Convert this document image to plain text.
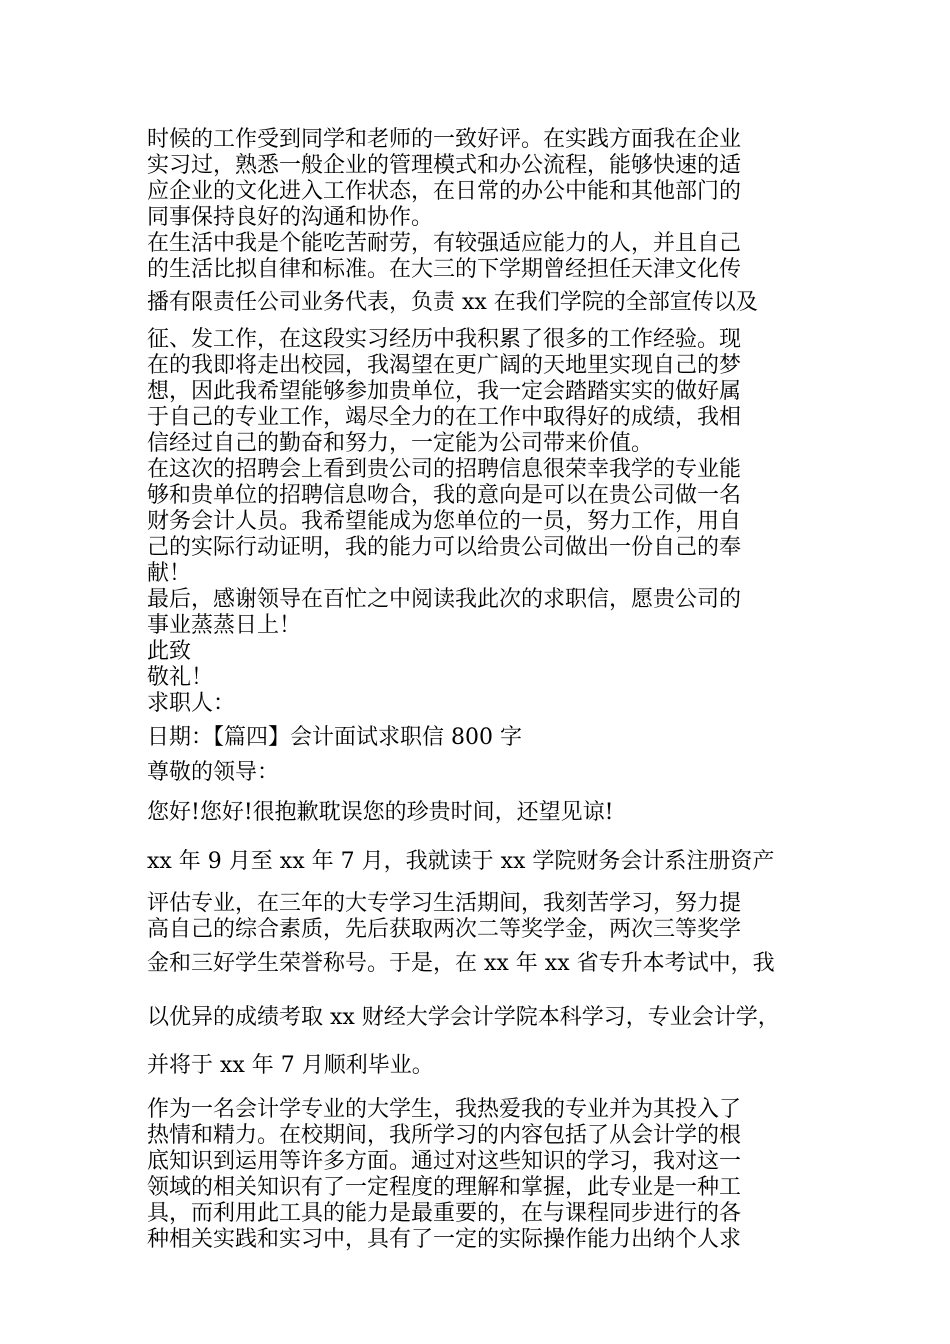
时候的工作受到同学和老师的一致好评。在实践方面我在企业

实习过，熟悉一般企业的管理模式和办公流程，能够快速的适

应企业的文化进入工作状态，在日常的办公中能和其他部门的

同事保持良好的沟通和协作。

在生活中我是个能吃苦耐劳，有较强适应能力的人，并且自己

的生活比拟自律和标准。在大三的下学期曾经担任天津文化传

播有限责任公司业务代表，负责 xx 在我们学院的全部宣传以及

征、发工作，在这段实习经历中我积累了很多的工作经验。现

在的我即将走出校园，我渴望在更广阔的天地里实现自己的梦

想，因此我希望能够参加贵单位，我一定会踏踏实实的做好属

于自己的专业工作，竭尽全力的在工作中取得好的成绩，我相

信经过自己的勤奋和努力，一定能为公司带来价值。

在这次的招聘会上看到贵公司的招聘信息很荣幸我学的专业能

够和贵单位的招聘信息吻合，我的意向是可以在贵公司做一名

财务会计人员。我希望能成为您单位的一员，努力工作，用自

己的实际行动证明，我的能力可以给贵公司做出一份自己的奉

献！

最后，感谢领导在百忙之中阅读我此次的求职信，愿贵公司的

事业蒸蒸日上！

此致

敬礼！

求职人：

日期：【篇四】会计面试求职信 800 字

尊敬的领导：

您好!您好!很抱歉耽误您的珍贵时间，还望见谅!

xx 年 9 月至 xx 年 7 月，我就读于 xx 学院财务会计系注册资产

评估专业，在三年的大专学习生活期间，我刻苦学习，努力提

高自己的综合素质，先后获取两次二等奖学金，两次三等奖学

金和三好学生荣誉称号。于是，在 xx 年 xx 省专升本考试中，我

以优异的成绩考取 xx 财经大学会计学院本科学习，专业会计学，

并将于 xx 年 7 月顺利毕业。

作为一名会计学专业的大学生，我热爱我的专业并为其投入了

热情和精力。在校期间，我所学习的内容包括了从会计学的根

底知识到运用等许多方面。通过对这些知识的学习，我对这一

领域的相关知识有了一定程度的理解和掌握，此专业是一种工

具，而利用此工具的能力是最重要的，在与课程同步进行的各

种相关实践和实习中，具有了一定的实际操作能力出纳个人求
